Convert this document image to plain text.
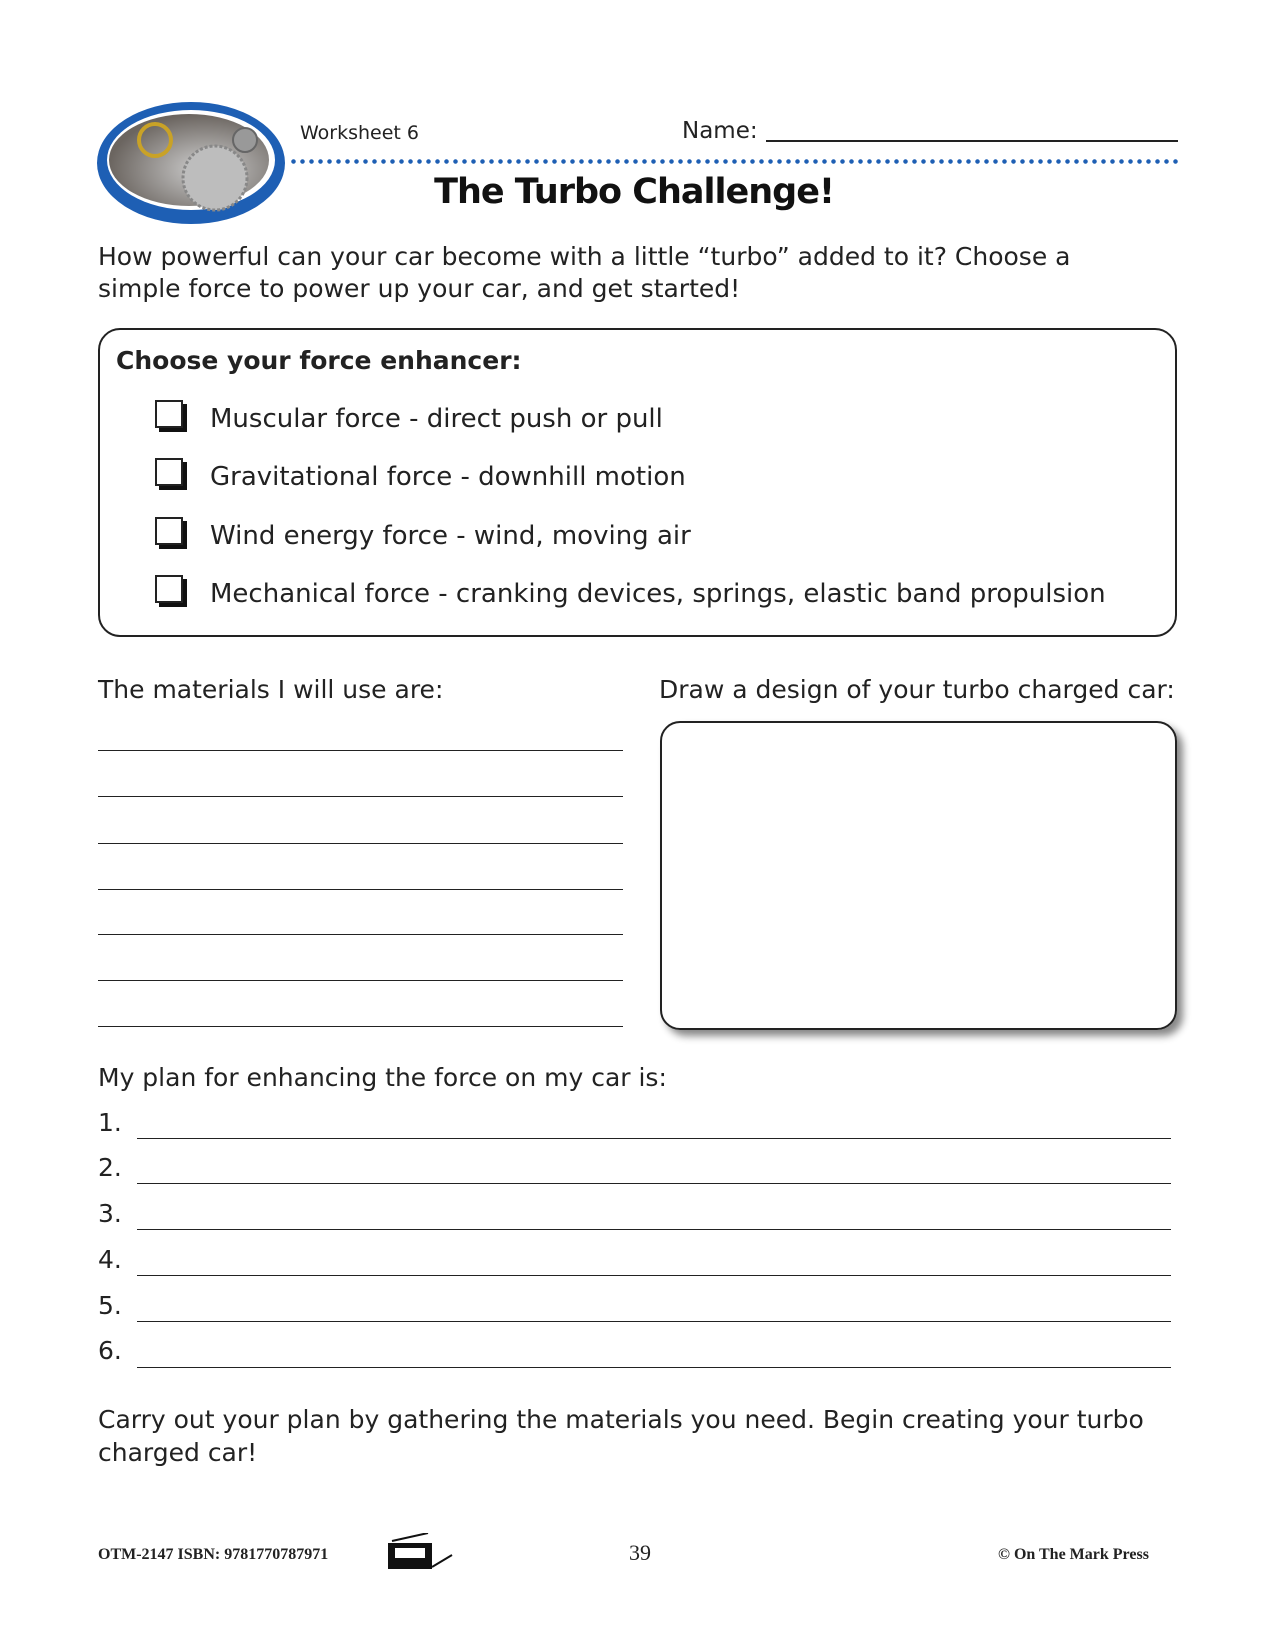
Worksheet 6	Name:
The Turbo Challenge!
How powerful can your car become with a little “turbo” added to it? Choose a
simple force to power up your car, and get started!
Choose your force enhancer:
Muscular force - direct push or pull
Gravitational force - downhill motion
Wind energy force - wind, moving air
Mechanical force - cranking devices, springs, elastic band propulsion
The materials I will use are:	Draw a design of your turbo charged car:
My plan for enhancing the force on my car is:
1.
2.
3.
4.
5.
6.
Carry out your plan by gathering the materials you need. Begin creating your turbo
charged car!
OTM-2147 ISBN: 9781770787971	39	© On The Mark Press
